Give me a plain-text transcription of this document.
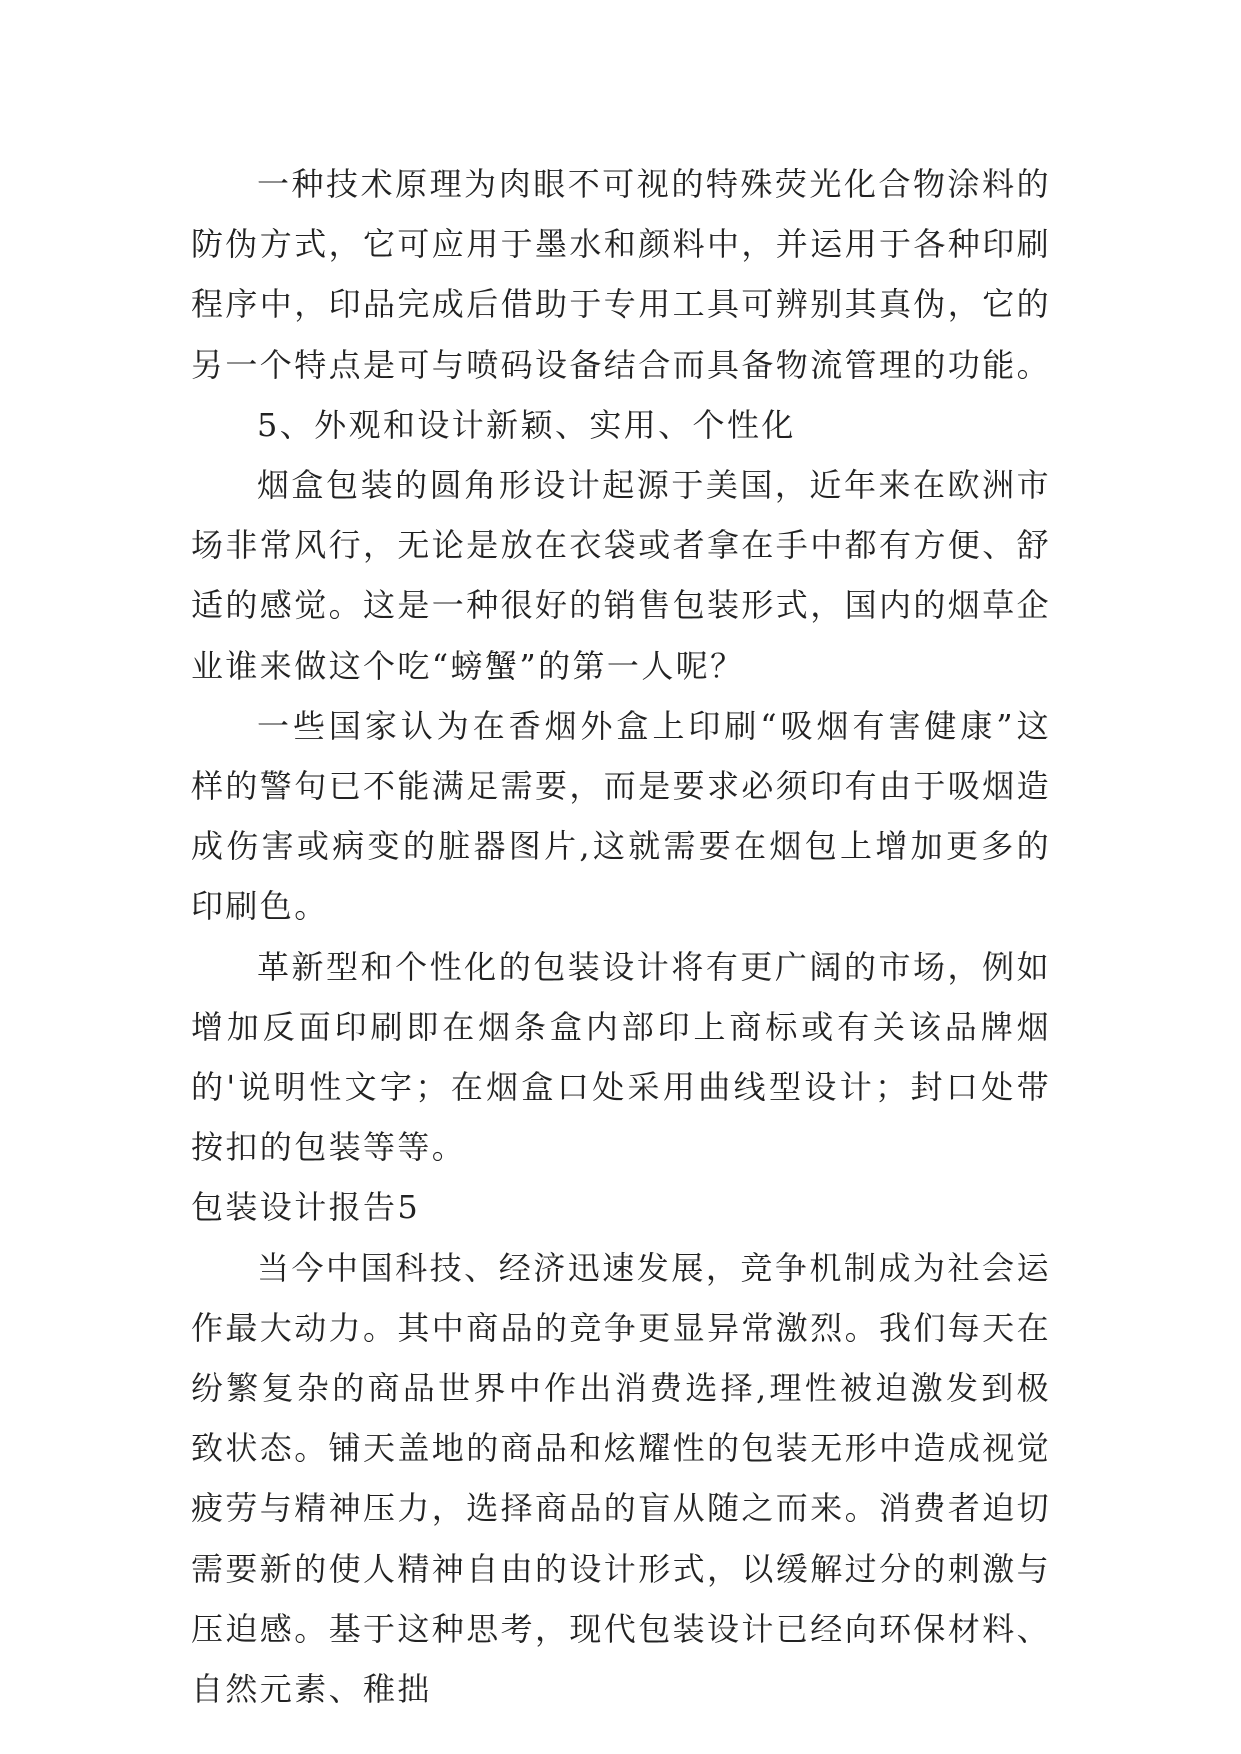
一种技术原理为肉眼不可视的特殊荧光化合物涂料的防伪方式，它可应用于墨水和颜料中，并运用于各种印刷程序中，印品完成后借助于专用工具可辨别其真伪，它的另一个特点是可与喷码设备结合而具备物流管理的功能。

5、外观和设计新颖、实用、个性化

烟盒包装的圆角形设计起源于美国，近年来在欧洲市场非常风行，无论是放在衣袋或者拿在手中都有方便、舒适的感觉。这是一种很好的销售包装形式，国内的烟草企业谁来做这个吃“螃蟹”的第一人呢？

一些国家认为在香烟外盒上印刷“吸烟有害健康”这样的警句已不能满足需要，而是要求必须印有由于吸烟造成伤害或病变的脏器图片,这就需要在烟包上增加更多的印刷色。

革新型和个性化的包装设计将有更广阔的市场，例如增加反面印刷即在烟条盒内部印上商标或有关该品牌烟的'说明性文字；在烟盒口处采用曲线型设计；封口处带按扣的包装等等。

包装设计报告5

当今中国科技、经济迅速发展，竞争机制成为社会运作最大动力。其中商品的竞争更显异常激烈。我们每天在纷繁复杂的商品世界中作出消费选择,理性被迫激发到极致状态。铺天盖地的商品和炫耀性的包装无形中造成视觉疲劳与精神压力，选择商品的盲从随之而来。消费者迫切需要新的使人精神自由的设计形式，以缓解过分的刺激与压迫感。基于这种思考，现代包装设计已经向环保材料、自然元素、稚拙
